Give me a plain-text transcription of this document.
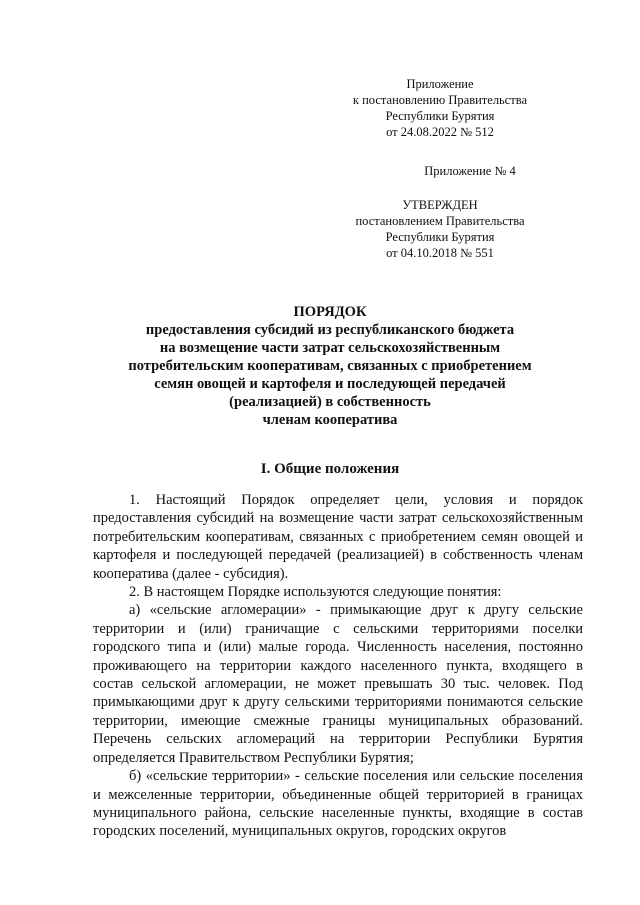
Приложение
к постановлению Правительства
Республики Бурятия
от 24.08.2022 № 512
Приложение № 4
УТВЕРЖДЕН
постановлением Правительства
Республики Бурятия
от 04.10.2018 № 551
ПОРЯДОК
предоставления субсидий из республиканского бюджета
на возмещение части затрат сельскохозяйственным
потребительским кооперативам, связанных с приобретением
семян овощей и картофеля и последующей передачей
(реализацией) в собственность
членам кооператива
I. Общие положения

1. Настоящий Порядок определяет цели, условия и порядок предоставления субсидий на возмещение части затрат сельскохозяйственным потребительским кооперативам, связанных с приобретением семян овощей и картофеля и последующей передачей (реализацией) в собственность членам кооператива (далее - субсидия).

2. В настоящем Порядке используются следующие понятия:

а) «сельские агломерации» - примыкающие друг к другу сельские территории и (или) граничащие с сельскими территориями поселки городского типа и (или) малые города. Численность населения, постоянно проживающего на территории каждого населенного пункта, входящего в состав сельской агломерации, не может превышать 30 тыс. человек. Под примыкающими друг к другу сельскими территориями понимаются сельские территории, имеющие смежные границы муниципальных образований. Перечень сельских агломераций на территории Республики Бурятия определяется Правительством Республики Бурятия;

б) «сельские территории» - сельские поселения или сельские поселения и межселенные территории, объединенные общей территорией в границах муниципального района, сельские населенные пункты, входящие в состав городских поселений, муниципальных округов, городских округов
